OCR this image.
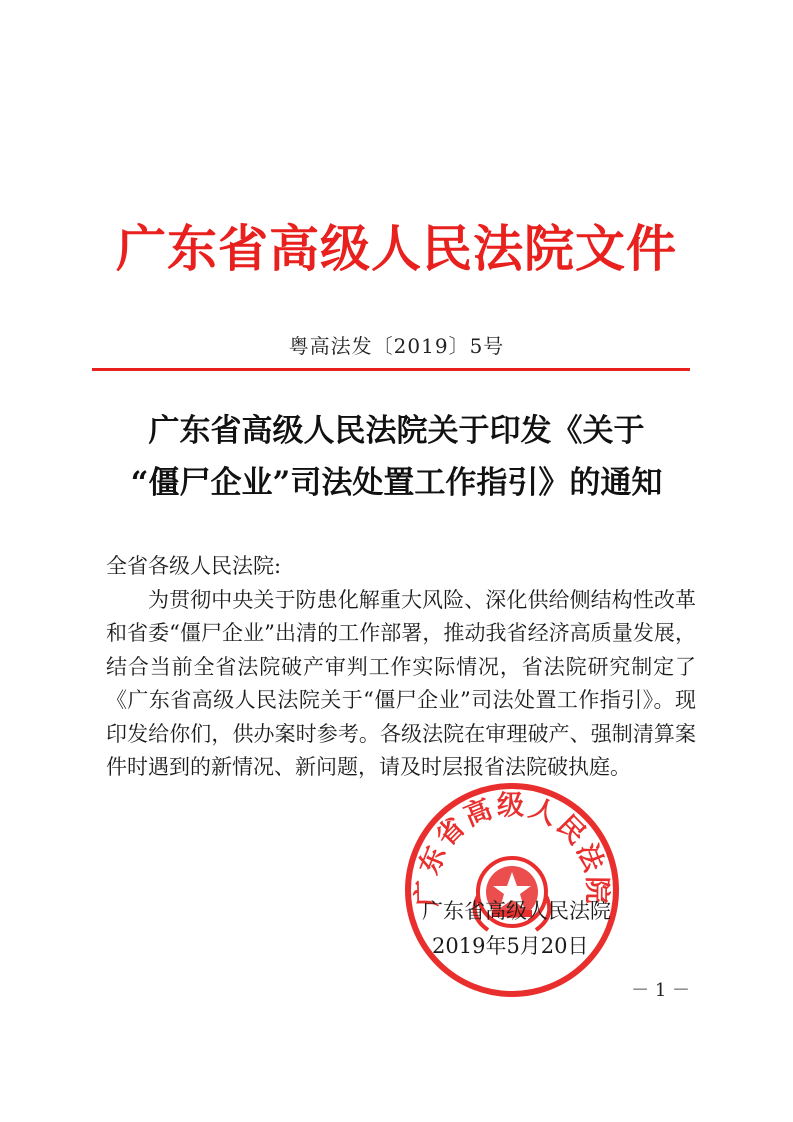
广东省高级人民法院文件
粤高法发〔2019〕5号
广东省高级人民法院关于印发《关于
“僵尸企业”司法处置工作指引》的通知

全省各级人民法院:

为贯彻中央关于防患化解重大风险、深化供给侧结构性改革和省委“僵尸企业”出清的工作部署，推动我省经济高质量发展，结合当前全省法院破产审判工作实际情况，省法院研究制定了《广东省高级人民法院关于“僵尸企业”司法处置工作指引》。现印发给你们，供办案时参考。各级法院在审理破产、强制清算案件时遇到的新情况、新问题，请及时层报省法院破执庭。

广东省高级人民法院
广东省高级人民法院
2019年5月20日
－ 1 －
